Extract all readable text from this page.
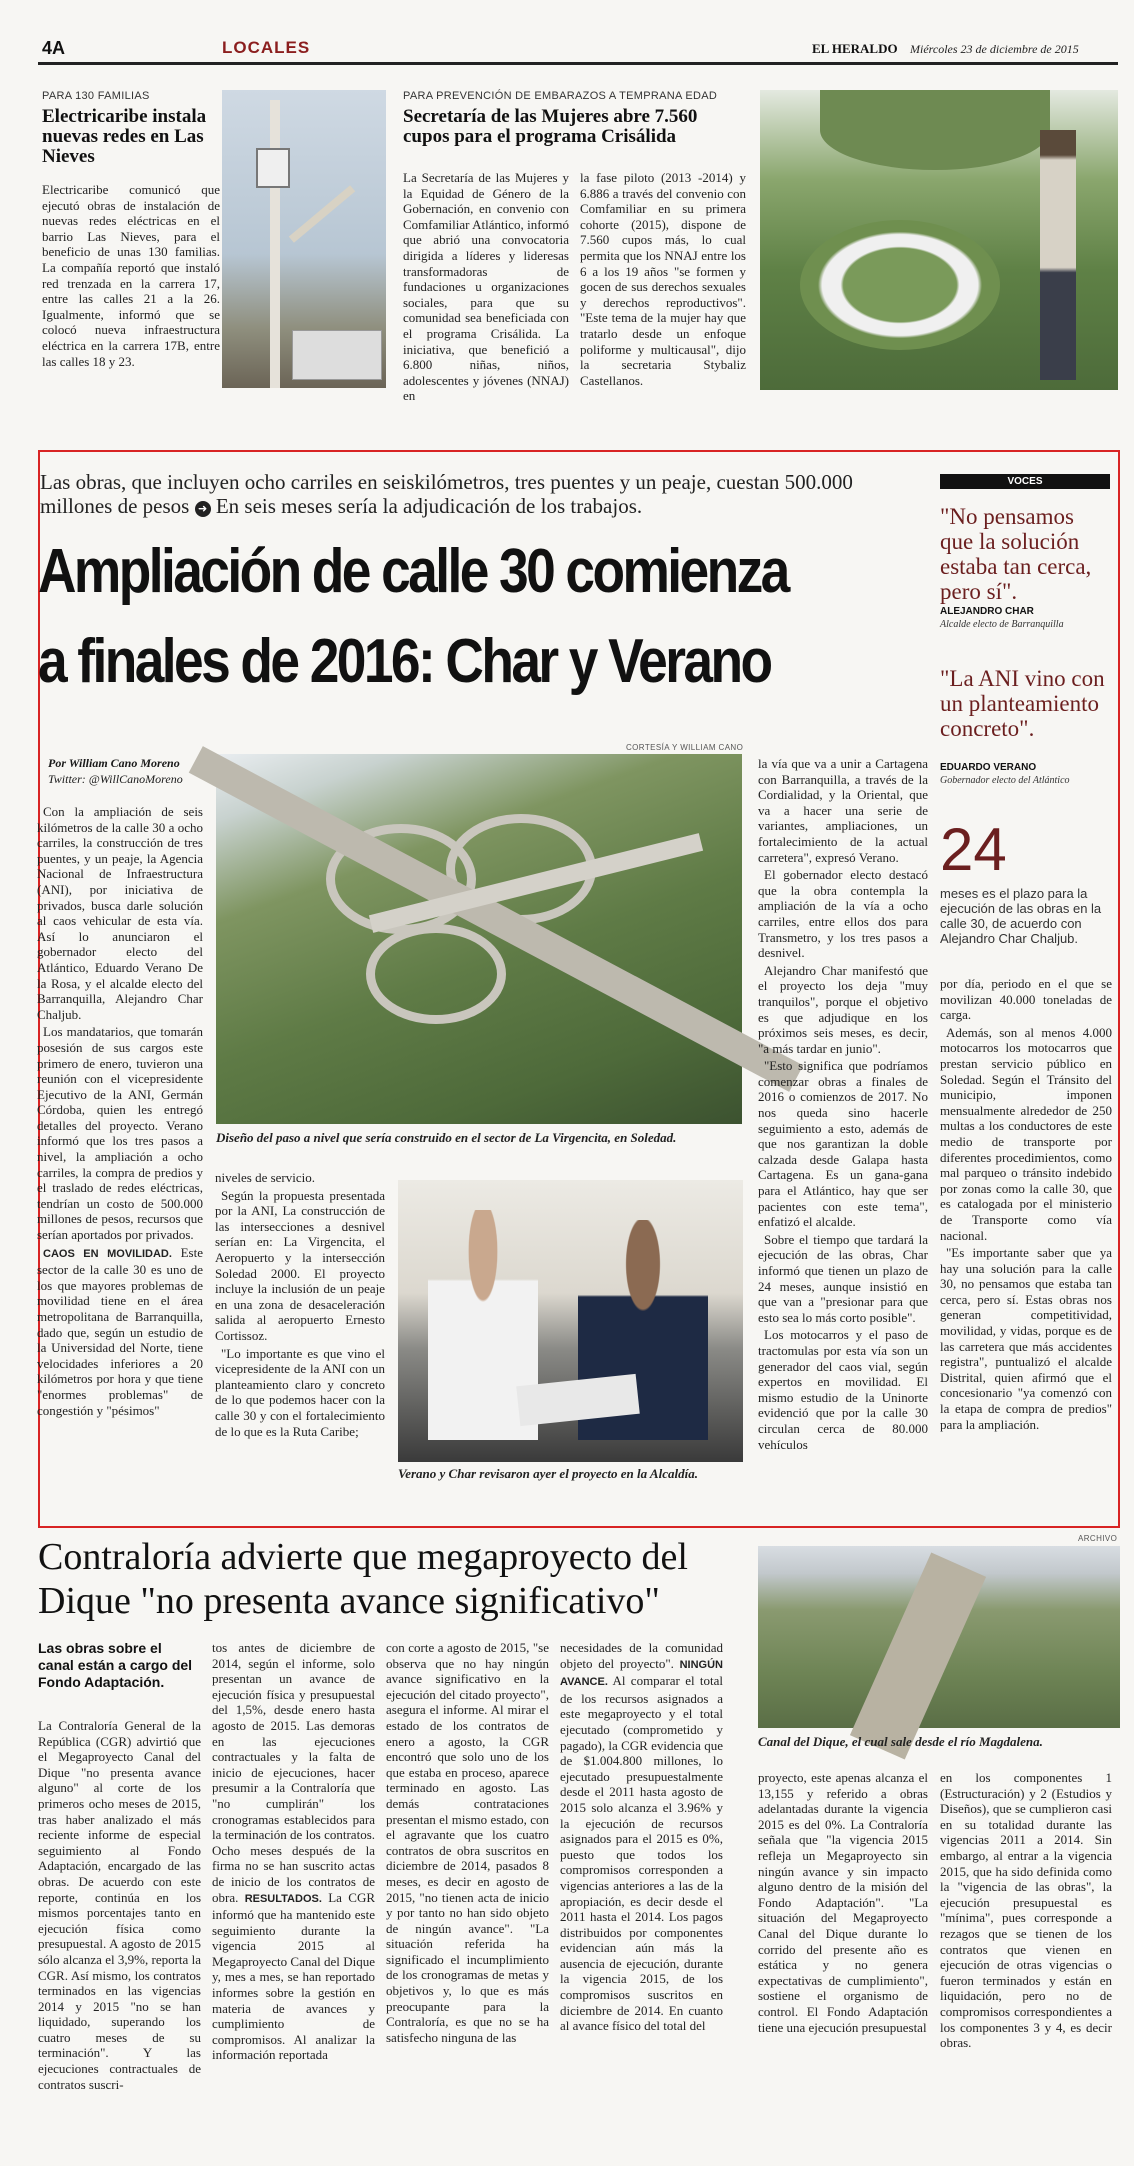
4A	LOCALES	EL HERALDO Miércoles 23 de diciembre de 2015
PARA 130 FAMILIAS
Electricaribe instala nuevas redes en Las Nieves
Electricaribe comunicó que ejecutó obras de instalación de nuevas redes eléctricas en el barrio Las Nieves, para el beneficio de unas 130 familias. La compañía reportó que instaló red trenzada en la carrera 17, entre las calles 21 a la 26. Igualmente, informó que se colocó nueva infraestructura eléctrica en la carrera 17B, entre las calles 18 y 23.
PARA PREVENCIÓN DE EMBARAZOS A TEMPRANA EDAD
Secretaría de las Mujeres abre 7.560 cupos para el programa Crisálida
La Secretaría de las Mujeres y la Equidad de Género de la Gobernación, en convenio con Comfamiliar Atlántico, informó que abrió una convocatoria dirigida a líderes y lideresas transformadoras de fundaciones u organizaciones sociales, para que su comunidad sea beneficiada con el programa Crisálida. La iniciativa, que benefició a 6.800 niñas, niños, adolescentes y jóvenes (NNAJ) en
la fase piloto (2013 -2014) y 6.886 a través del convenio con Comfamiliar en su primera cohorte (2015), dispone de 7.560 cupos más, lo cual permita que los NNAJ entre los 6 a los 19 años "se formen y gocen de sus derechos sexuales y derechos reproductivos". "Este tema de la mujer hay que tratarlo desde un enfoque poliforme y multicausal", dijo la secretaria Stybaliz Castellanos.
Las obras, que incluyen ocho carriles en seiskilómetros, tres puentes y un peaje, cuestan 500.000 millones de pesos ➜ En seis meses sería la adjudicación de los trabajos.
Ampliación de calle 30 comienza
a finales de 2016: Char y Verano
Por William Cano Moreno
Twitter: @WillCanoMoreno

Con la ampliación de seis kilómetros de la calle 30 a ocho carriles, la construcción de tres puentes, y un peaje, la Agencia Nacional de Infraestructura (ANI), por iniciativa de privados, busca darle solución al caos vehicular de esta vía. Así lo anunciaron el gobernador electo del Atlántico, Eduardo Verano De la Rosa, y el alcalde electo del Barranquilla, Alejandro Char Chaljub.

Los mandatarios, que tomarán posesión de sus cargos este primero de enero, tuvieron una reunión con el vicepresidente Ejecutivo de la ANI, Germán Córdoba, quien les entregó detalles del proyecto. Verano informó que los tres pasos a nivel, la ampliación a ocho carriles, la compra de predios y el traslado de redes eléctricas, tendrían un costo de 500.000 millones de pesos, recursos que serían aportados por privados.

CAOS EN MOVILIDAD. Este sector de la calle 30 es uno de los que mayores problemas de movilidad tiene en el área metropolitana de Barranquilla, dado que, según un estudio de la Universidad del Norte, tiene velocidades inferiores a 20 kilómetros por hora y que tiene "enormes problemas" de congestión y "pésimos"

CORTESÍA Y WILLIAM CANO
Diseño del paso a nivel que sería construido en el sector de La Virgencita, en Soledad.

niveles de servicio.

Según la propuesta presentada por la ANI, La construcción de las intersecciones a desnivel serían en: La Virgencita, el Aeropuerto y la intersección Soledad 2000. El proyecto incluye la inclusión de un peaje en una zona de desaceleración salida al aeropuerto Ernesto Cortissoz.

"Lo importante es que vino el vicepresidente de la ANI con un planteamiento claro y concreto de lo que podemos hacer con la calle 30 y con el fortalecimiento de lo que es la Ruta Caribe;

Verano y Char revisaron ayer el proyecto en la Alcaldía.

la vía que va a unir a Cartagena con Barranquilla, a través de la Cordialidad, y la Oriental, que va a hacer una serie de variantes, ampliaciones, un fortalecimiento de la actual carretera", expresó Verano.

El gobernador electo destacó que la obra contempla la ampliación de la vía a ocho carriles, entre ellos dos para Transmetro, y los tres pasos a desnivel.

Alejandro Char manifestó que el proyecto los deja "muy tranquilos", porque el objetivo es que adjudique en los próximos seis meses, es decir, "a más tardar en junio".

"Esto significa que podríamos comenzar obras a finales de 2016 o comienzos de 2017. No nos queda sino hacerle seguimiento a esto, además de que nos garantizan la doble calzada desde Galapa hasta Cartagena. Es un gana-gana para el Atlántico, hay que ser pacientes con este tema", enfatizó el alcalde.

Sobre el tiempo que tardará la ejecución de las obras, Char informó que tienen un plazo de 24 meses, aunque insistió en que van a "presionar para que esto sea lo más corto posible".

Los motocarros y el paso de tractomulas por esta vía son un generador del caos vial, según expertos en movilidad. El mismo estudio de la Uninorte evidenció que por la calle 30 circulan cerca de 80.000 vehículos

VOCES
"No pensamos que la solución estaba tan cerca, pero sí".
ALEJANDRO CHAR
Alcalde electo de Barranquilla
"La ANI vino con un planteamiento concreto".
EDUARDO VERANO
Gobernador electo del Atlántico
24
meses es el plazo para la ejecución de las obras en la calle 30, de acuerdo con Alejandro Char Chaljub.

por día, periodo en el que se movilizan 40.000 toneladas de carga.

Además, son al menos 4.000 motocarros los motocarros que prestan servicio público en Soledad. Según el Tránsito del municipio, imponen mensualmente alrededor de 250 multas a los conductores de este medio de transporte por diferentes procedimientos, como mal parqueo o tránsito indebido por zonas como la calle 30, que es catalogada por el ministerio de Transporte como vía nacional.

"Es importante saber que ya hay una solución para la calle 30, no pensamos que estaba tan cerca, pero sí. Estas obras nos generan competitividad, movilidad, y vidas, porque es de las carretera que más accidentes registra", puntualizó el alcalde Distrital, quien afirmó que el concesionario "ya comenzó con la etapa de compra de predios" para la ampliación.

Contraloría advierte que megaproyecto del
Dique "no presenta avance significativo"
ARCHIVO
Canal del Dique, el cual sale desde el río Magdalena.
Las obras sobre el canal están a cargo del Fondo Adaptación.
La Contraloría General de la República (CGR) advirtió que el Megaproyecto Canal del Dique "no presenta avance alguno" al corte de los primeros ocho meses de 2015, tras haber analizado el más reciente informe de especial seguimiento al Fondo Adaptación, encargado de las obras. De acuerdo con este reporte, continúa en los mismos porcentajes tanto en ejecución física como presupuestal. A agosto de 2015 sólo alcanza el 3,9%, reporta la CGR. Así mismo, los contratos terminados en las vigencias 2014 y 2015 "no se han liquidado, superando los cuatro meses de su terminación". Y las ejecuciones contractuales de contratos suscri-
tos antes de diciembre de 2014, según el informe, solo presentan un avance de ejecución física y presupuestal del 1,5%, desde enero hasta agosto de 2015. Las demoras en las ejecuciones contractuales y la falta de inicio de ejecuciones, hacer presumir a la Contraloría que "no cumplirán" los cronogramas establecidos para la terminación de los contratos. Ocho meses después de la firma no se han suscrito actas de inicio de los contratos de obra. RESULTADOS. La CGR informó que ha mantenido este seguimiento durante la vigencia 2015 al Megaproyecto Canal del Dique y, mes a mes, se han reportado informes sobre la gestión en materia de avances y cumplimiento de compromisos. Al analizar la información reportada
con corte a agosto de 2015, "se observa que no hay ningún avance significativo en la ejecución del citado proyecto", asegura el informe. Al mirar el estado de los contratos de enero a agosto, la CGR encontró que solo uno de los que estaba en proceso, aparece terminado en agosto. Las demás contrataciones presentan el mismo estado, con el agravante que los cuatro contratos de obra suscritos en diciembre de 2014, pasados 8 meses, es decir en agosto de 2015, "no tienen acta de inicio y por tanto no han sido objeto de ningún avance". "La situación referida ha significado el incumplimiento de los cronogramas de metas y objetivos y, lo que es más preocupante para la Contraloría, es que no se ha satisfecho ninguna de las
necesidades de la comunidad objeto del proyecto". NINGÚN AVANCE. Al comparar el total de los recursos asignados a este megaproyecto y el total ejecutado (comprometido y pagado), la CGR evidencia que de $1.004.800 millones, lo ejecutado presupuestalmente desde el 2011 hasta agosto de 2015 solo alcanza el 3.96% y la ejecución de recursos asignados para el 2015 es 0%, puesto que todos los compromisos corresponden a vigencias anteriores a las de la apropiación, es decir desde el 2011 hasta el 2014. Los pagos distribuidos por componentes evidencian aún más la ausencia de ejecución, durante la vigencia 2015, de los compromisos suscritos en diciembre de 2014. En cuanto al avance físico del total del
proyecto, este apenas alcanza el 13,155 y referido a obras adelantadas durante la vigencia 2015 es del 0%. La Contraloría señala que "la vigencia 2015 refleja un Megaproyecto sin ningún avance y sin impacto alguno dentro de la misión del Fondo Adaptación". "La situación del Megaproyecto Canal del Dique durante lo corrido del presente año es estática y no genera expectativas de cumplimiento", sostiene el organismo de control. El Fondo Adaptación tiene una ejecución presupuestal
en los componentes 1 (Estructuración) y 2 (Estudios y Diseños), que se cumplieron casi en su totalidad durante las vigencias 2011 a 2014. Sin embargo, al entrar a la vigencia 2015, que ha sido definida como la "vigencia de las obras", la ejecución presupuestal es "mínima", pues corresponde a rezagos que se tienen de los contratos que vienen en ejecución de otras vigencias o fueron terminados y están en liquidación, pero no de compromisos correspondientes a los componentes 3 y 4, es decir obras.
